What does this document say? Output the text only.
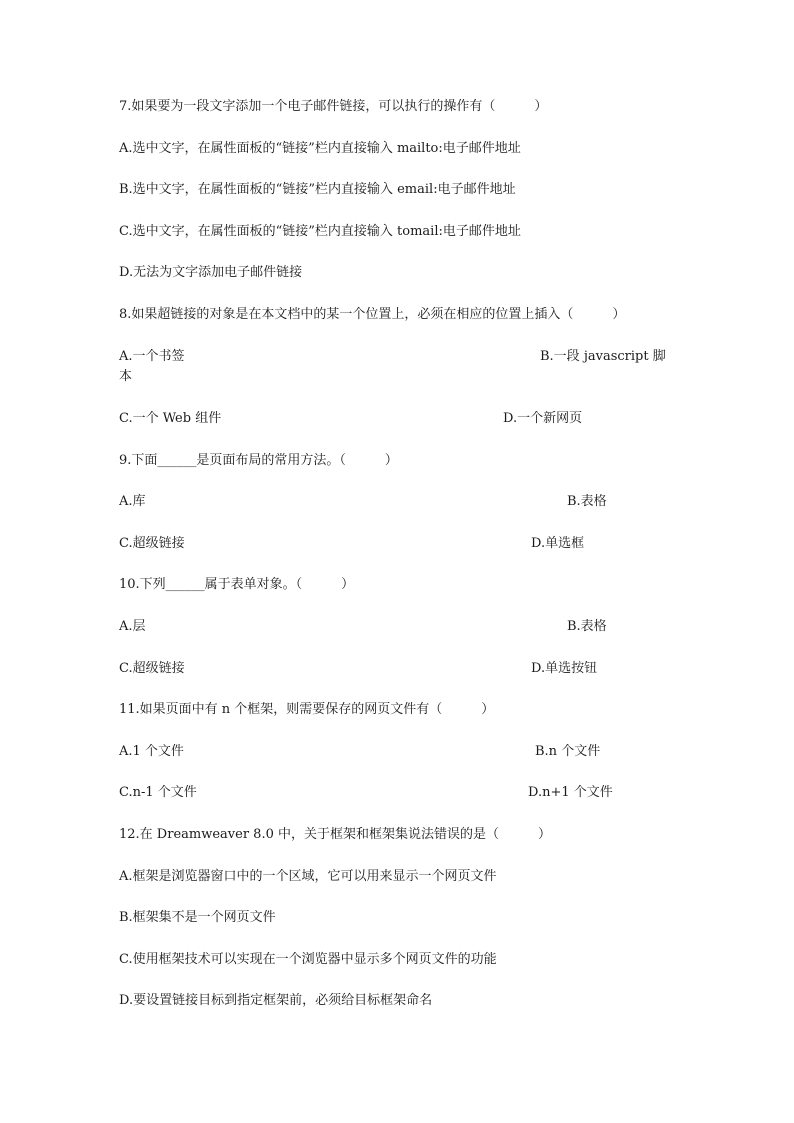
7.如果要为一段文字添加一个电子邮件链接，可以执行的操作有（　　　）
A.选中文字，在属性面板的“链接”栏内直接输入 mailto:电子邮件地址
B.选中文字，在属性面板的“链接”栏内直接输入 email:电子邮件地址
C.选中文字，在属性面板的“链接”栏内直接输入 tomail:电子邮件地址
D.无法为文字添加电子邮件链接
8.如果超链接的对象是在本文档中的某一个位置上，必须在相应的位置上插入（　　　）
A.一个书签	B.一段 javascript 脚
本
C.一个 Web 组件	D.一个新网页
9.下面______是页面布局的常用方法。（　　　）
A.库	B.表格
C.超级链接	D.单选框
10.下列______属于表单对象。（　　　）
A.层	B.表格
C.超级链接	D.单选按钮
11.如果页面中有 n 个框架，则需要保存的网页文件有（　　　）
A.1 个文件	B.n 个文件
C.n-1 个文件	D.n+1 个文件
12.在 Dreamweaver 8.0 中，关于框架和框架集说法错误的是（　　　）
A.框架是浏览器窗口中的一个区域，它可以用来显示一个网页文件
B.框架集不是一个网页文件
C.使用框架技术可以实现在一个浏览器中显示多个网页文件的功能
D.要设置链接目标到指定框架前，必须给目标框架命名
